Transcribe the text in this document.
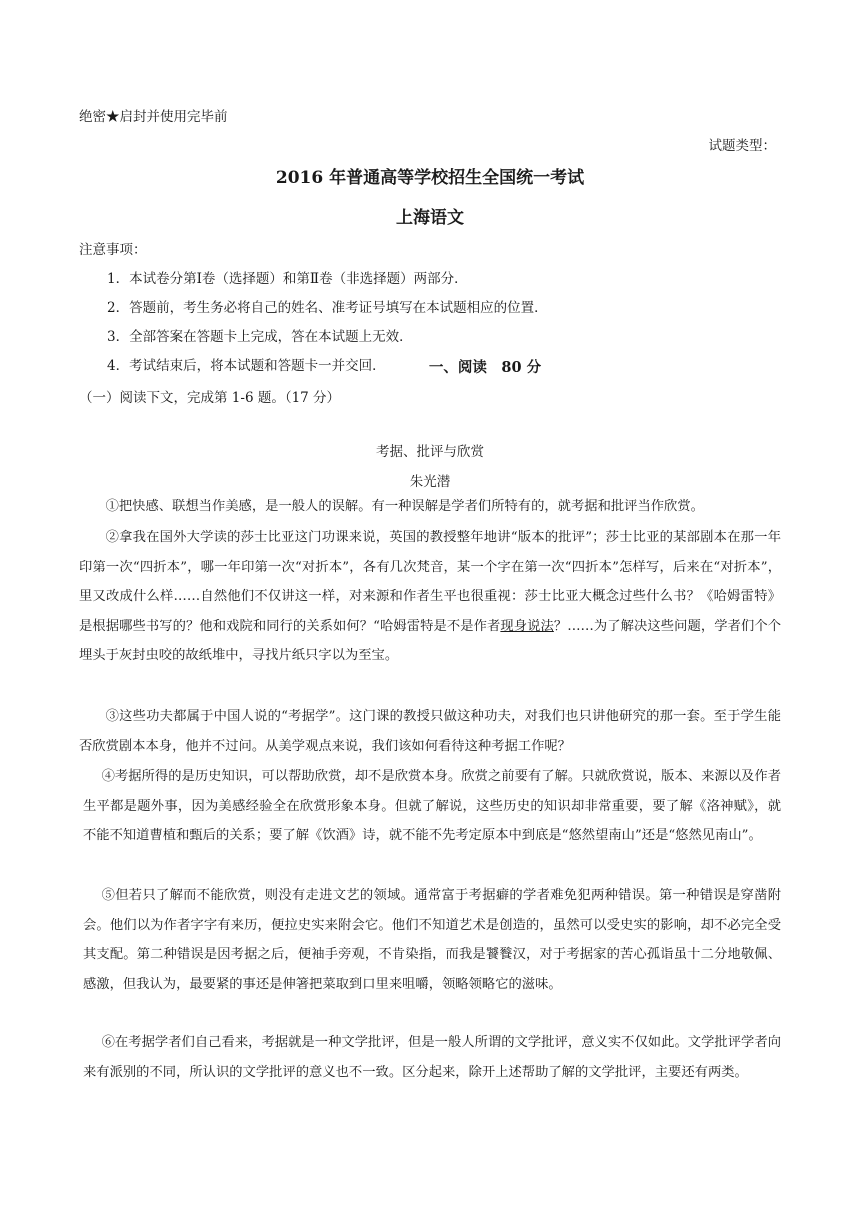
绝密★启封并使用完毕前
试题类型：
2016 年普通高等学校招生全国统一考试
上海语文
注意事项：
1．本试卷分第Ⅰ卷（选择题）和第Ⅱ卷（非选择题）两部分．
2．答题前，考生务必将自己的姓名、准考证号填写在本试题相应的位置．
3．全部答案在答题卡上完成，答在本试题上无效．
4．考试结束后，将本试题和答题卡一并交回．	一、阅读　80 分
（一）阅读下文，完成第 1-6 题。（17 分）
考据、批评与欣赏
朱光潜

①把快感、联想当作美感，是一般人的误解。有一种误解是学者们所特有的，就考据和批评当作欣赏。

②拿我在国外大学读的莎士比亚这门功课来说，英国的教授整年地讲“版本的批评”；莎士比亚的某部剧本在那一年印第一次“四折本”，哪一年印第一次“对折本”，各有几次梵音，某一个字在第一次“四折本”怎样写，后来在“对折本”，里又改成什么样……自然他们不仅讲这一样，对来源和作者生平也很重视：莎士比亚大概念过些什么书？《哈姆雷特》是根据哪些书写的？他和戏院和同行的关系如何？“哈姆雷特是不是作者现身说法？……为了解决这些问题，学者们个个埋头于灰封虫咬的故纸堆中，寻找片纸只字以为至宝。

③这些功夫都属于中国人说的“考据学”。这门课的教授只做这种功夫，对我们也只讲他研究的那一套。至于学生能否欣赏剧本本身，他并不过问。从美学观点来说，我们该如何看待这种考据工作呢？

④考据所得的是历史知识，可以帮助欣赏，却不是欣赏本身。欣赏之前要有了解。只就欣赏说，版本、来源以及作者生平都是题外事，因为美感经验全在欣赏形象本身。但就了解说，这些历史的知识却非常重要，要了解《洛神赋》，就不能不知道曹植和甄后的关系；要了解《饮酒》诗，就不能不先考定原本中到底是“悠然望南山”还是“悠然见南山”。

⑤但若只了解而不能欣赏，则没有走进文艺的领域。通常富于考据癖的学者难免犯两种错误。第一种错误是穿凿附会。他们以为作者字字有来历，便拉史实来附会它。他们不知道艺术是创造的，虽然可以受史实的影响，却不必完全受其支配。第二种错误是因考据之后，便袖手旁观，不肯染指，而我是饕餮汉，对于考据家的苦心孤诣虽十二分地敬佩、感激，但我认为，最要紧的事还是伸箸把菜取到口里来咀嚼，领略领略它的滋味。

⑥在考据学者们自己看来，考据就是一种文学批评，但是一般人所谓的文学批评，意义实不仅如此。文学批评学者向来有派别的不同，所认识的文学批评的意义也不一致。区分起来，除开上述帮助了解的文学批评，主要还有两类。
